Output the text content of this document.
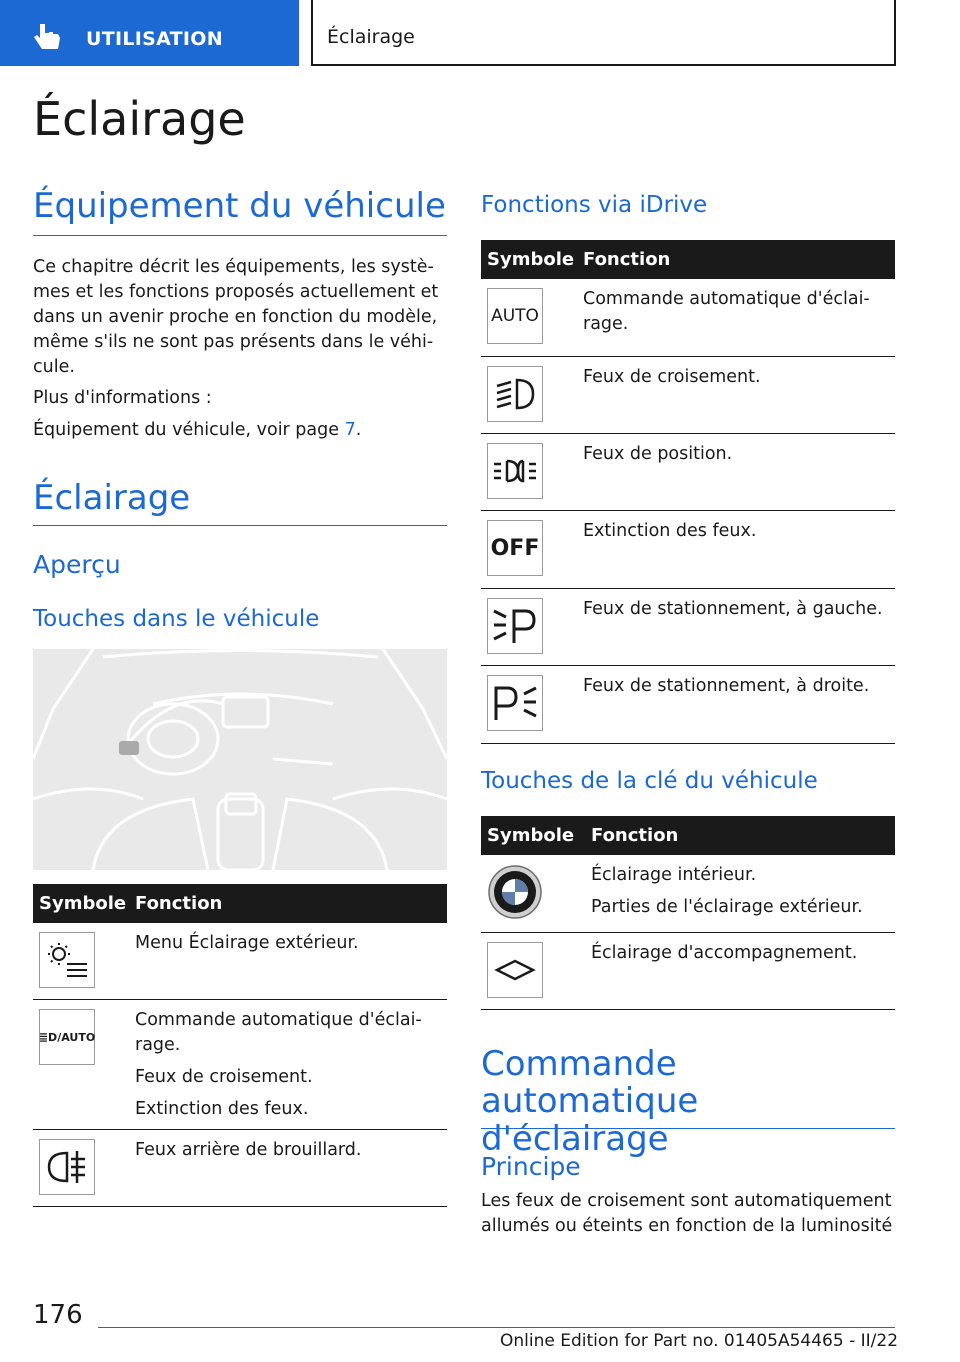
UTILISATION	Éclairage
Éclairage
Équipement du véhicule
Ce chapitre décrit les équipements, les systè-mes et les fonctions proposés actuellement et dans un avenir proche en fonction du modèle, même s'ils ne sont pas présents dans le véhi-cule.
Plus d'informations :
Équipement du véhicule, voir page 7.
Éclairage
Aperçu
Touches dans le véhicule
Symbole Fonction

Menu Éclairage extérieur.

≣D/AUTO

Commande automatique d'éclai-rage.

Feux de croisement.

Extinction des feux.

Feux arrière de brouillard.

Fonctions via iDrive
Symbole Fonction
AUTO

Commande automatique d'éclai-rage.

Feux de croisement.

Feux de position.

OFF

Extinction des feux.

Feux de stationnement, à gauche.

Feux de stationnement, à droite.

Touches de la clé du véhicule
Symbole Fonction

Éclairage intérieur.

Parties de l'éclairage extérieur.

Éclairage d'accompagnement.

Commande automatique
d'éclairage
Principe
Les feux de croisement sont automatiquement allumés ou éteints en fonction de la luminosité
176
Online Edition for Part no. 01405A54465 - II/22
